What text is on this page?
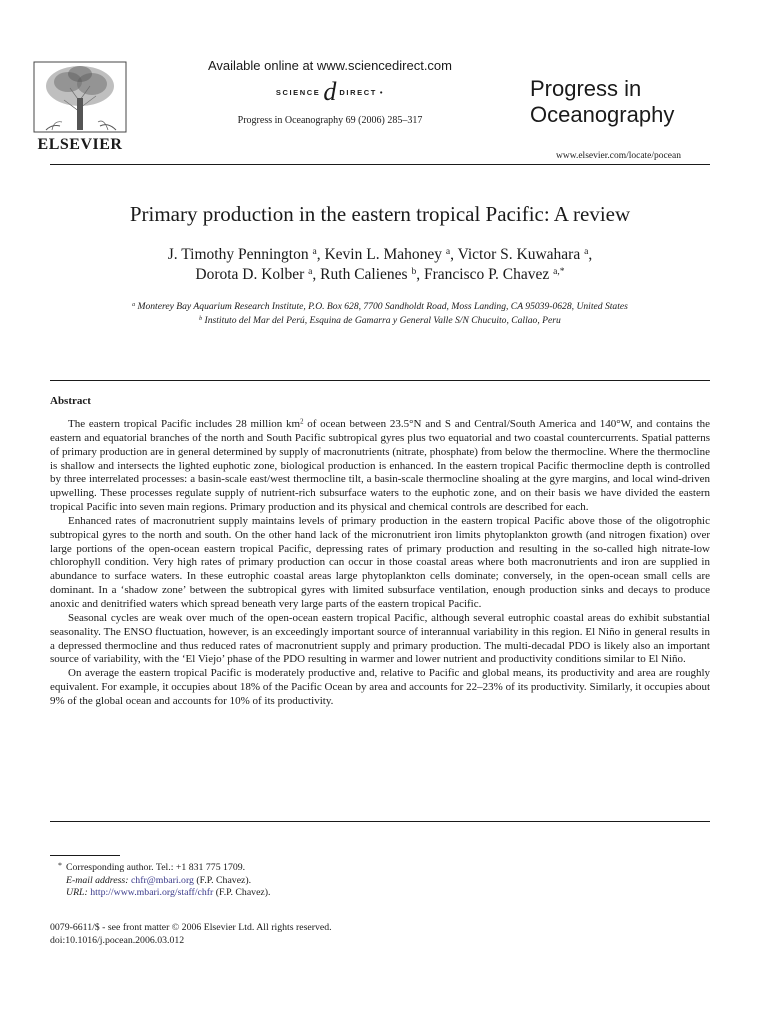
ELSEVIER
Available online at www.sciencedirect.com
SCIENCE d DIRECT •
Progress in Oceanography 69 (2006) 285–317
Progress in
Oceanography
www.elsevier.com/locate/pocean
Primary production in the eastern tropical Pacific: A review
J. Timothy Pennington $^a$, Kevin L. Mahoney $^a$, Victor S. Kuwahara $^a$,
Dorota D. Kolber $^a$, Ruth Calienes $^b$, Francisco P. Chavez $^{a,*}$
$^a$ Monterey Bay Aquarium Research Institute, P.O. Box 628, 7700 Sandholdt Road, Moss Landing, CA 95039-0628, United States
$^b$ Instituto del Mar del Perú, Esquina de Gamarra y General Valle S/N Chucuito, Callao, Peru
Abstract

The eastern tropical Pacific includes 28 million $km^2$ of ocean between 23.5°N and S and Central/South America and 140°W, and contains the eastern and equatorial branches of the north and South Pacific subtropical gyres plus two equatorial and two coastal countercurrents. Spatial patterns of primary production are in general determined by supply of macronutrients (nitrate, phosphate) from below the thermocline. Where the thermocline is shallow and intersects the lighted euphotic zone, biological production is enhanced. In the eastern tropical Pacific thermocline depth is controlled by three interrelated processes: a basin-scale east/west thermocline tilt, a basin-scale thermocline shoaling at the gyre margins, and local wind-driven upwelling. These processes regulate supply of nutrient-rich subsurface waters to the euphotic zone, and on their basis we have divided the eastern tropical Pacific into seven main regions. Primary production and its physical and chemical controls are described for each.

Enhanced rates of macronutrient supply maintains levels of primary production in the eastern tropical Pacific above those of the oligotrophic subtropical gyres to the north and south. On the other hand lack of the micronutrient iron limits phytoplankton growth (and nitrogen fixation) over large portions of the open-ocean eastern tropical Pacific, depressing rates of primary production and resulting in the so-called high nitrate-low chlorophyll condition. Very high rates of primary production can occur in those coastal areas where both macronutrients and iron are supplied in abundance to surface waters. In these eutrophic coastal areas large phytoplankton cells dominate; conversely, in the open-ocean small cells are dominant. In a ‘shadow zone’ between the subtropical gyres with limited subsurface ventilation, enough production sinks and decays to produce anoxic and denitrified waters which spread beneath very large parts of the eastern tropical Pacific.

Seasonal cycles are weak over much of the open-ocean eastern tropical Pacific, although several eutrophic coastal areas do exhibit substantial seasonality. The ENSO fluctuation, however, is an exceedingly important source of interannual variability in this region. El Niño in general results in a depressed thermocline and thus reduced rates of macronutrient supply and primary production. The multi-decadal PDO is likely also an important source of variability, with the ‘El Viejo’ phase of the PDO resulting in warmer and lower nutrient and productivity conditions similar to El Niño.

On average the eastern tropical Pacific is moderately productive and, relative to Pacific and global means, its productivity and area are roughly equivalent. For example, it occupies about 18% of the Pacific Ocean by area and accounts for 22–23% of its productivity. Similarly, it occupies about 9% of the global ocean and accounts for 10% of its productivity.

* Corresponding author. Tel.: +1 831 775 1709.
E-mail address: chfr@mbari.org (F.P. Chavez).
URL: http://www.mbari.org/staff/chfr (F.P. Chavez).
0079-6611/$ - see front matter © 2006 Elsevier Ltd. All rights reserved.
doi:10.1016/j.pocean.2006.03.012
